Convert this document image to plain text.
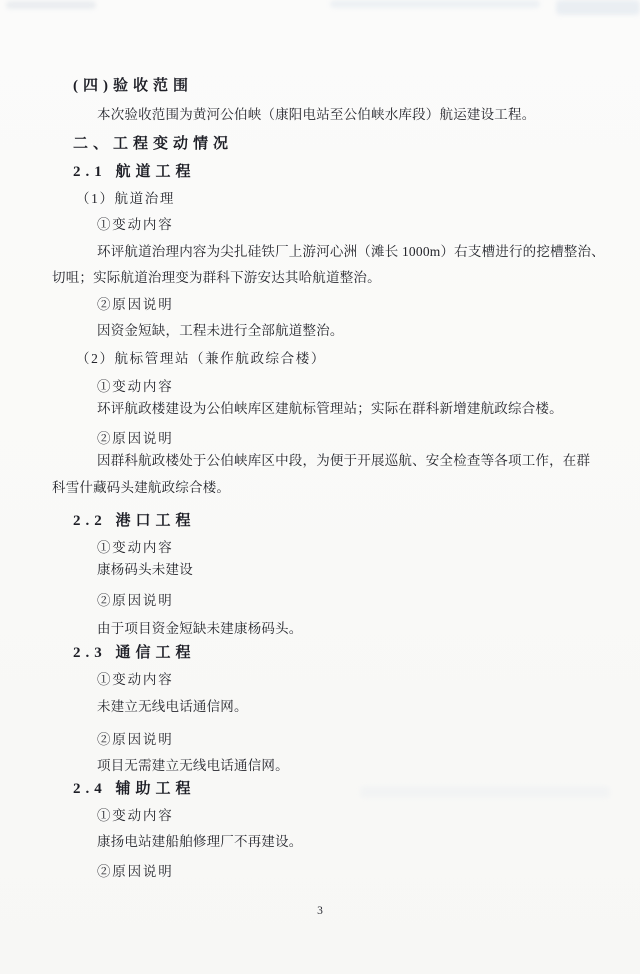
(四)验收范围
本次验收范围为黄河公伯峡（康阳电站至公伯峡水库段）航运建设工程。
二、工程变动情况
2.1 航道工程
（1）航道治理
①变动内容
环评航道治理内容为尖扎硅铁厂上游河心洲（滩长 1000m）右支槽进行的挖槽整治、
切咀；实际航道治理变为群科下游安达其哈航道整治。
②原因说明
因资金短缺，工程未进行全部航道整治。
（2）航标管理站（兼作航政综合楼）
①变动内容
环评航政楼建设为公伯峡库区建航标管理站；实际在群科新增建航政综合楼。
②原因说明
因群科航政楼处于公伯峡库区中段，为便于开展巡航、安全检查等各项工作，在群
科雪什藏码头建航政综合楼。
2.2 港口工程
①变动内容
康杨码头未建设
②原因说明
由于项目资金短缺未建康杨码头。
2.3 通信工程
①变动内容
未建立无线电话通信网。
②原因说明
项目无需建立无线电话通信网。
2.4 辅助工程
①变动内容
康扬电站建船舶修理厂不再建设。
②原因说明
3
